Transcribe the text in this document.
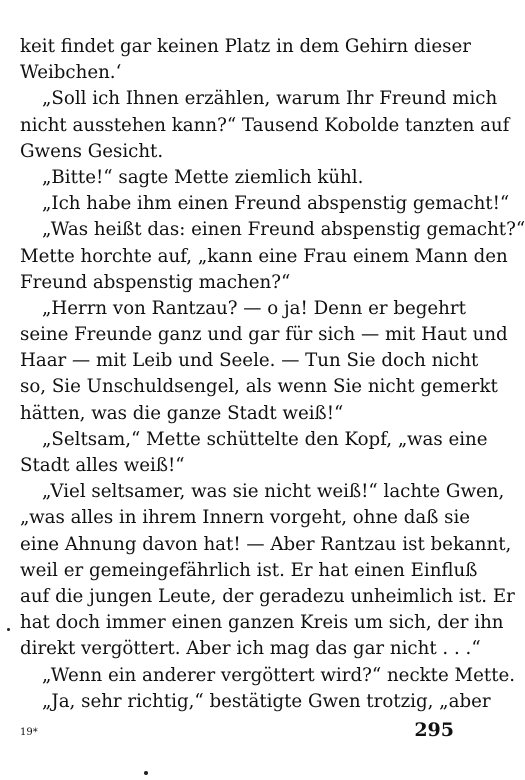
keit findet gar keinen Platz in dem Gehirn dieser
Weibchen.‘
„Soll ich Ihnen erzählen, warum Ihr Freund mich
nicht ausstehen kann?“ Tausend Kobolde tanzten auf
Gwens Gesicht.
„Bitte!“ sagte Mette ziemlich kühl.
„Ich habe ihm einen Freund abspenstig gemacht!“
„Was heißt das: einen Freund abspenstig gemacht?“
Mette horchte auf, „kann eine Frau einem Mann den
Freund abspenstig machen?“
„Herrn von Rantzau? — o ja! Denn er begehrt
seine Freunde ganz und gar für sich — mit Haut und
Haar — mit Leib und Seele. — Tun Sie doch nicht
so, Sie Unschuldsengel, als wenn Sie nicht gemerkt
hätten, was die ganze Stadt weiß!“
„Seltsam,“ Mette schüttelte den Kopf, „was eine
Stadt alles weiß!“
„Viel seltsamer, was sie nicht weiß!“ lachte Gwen,
„was alles in ihrem Innern vorgeht, ohne daß sie
eine Ahnung davon hat! — Aber Rantzau ist bekannt,
weil er gemeingefährlich ist. Er hat einen Einfluß
auf die jungen Leute, der geradezu unheimlich ist. Er
hat doch immer einen ganzen Kreis um sich, der ihn
direkt vergöttert. Aber ich mag das gar nicht . . .“
„Wenn ein anderer vergöttert wird?“ neckte Mette.
„Ja, sehr richtig,“ bestätigte Gwen trotzig, „aber
19*	295
